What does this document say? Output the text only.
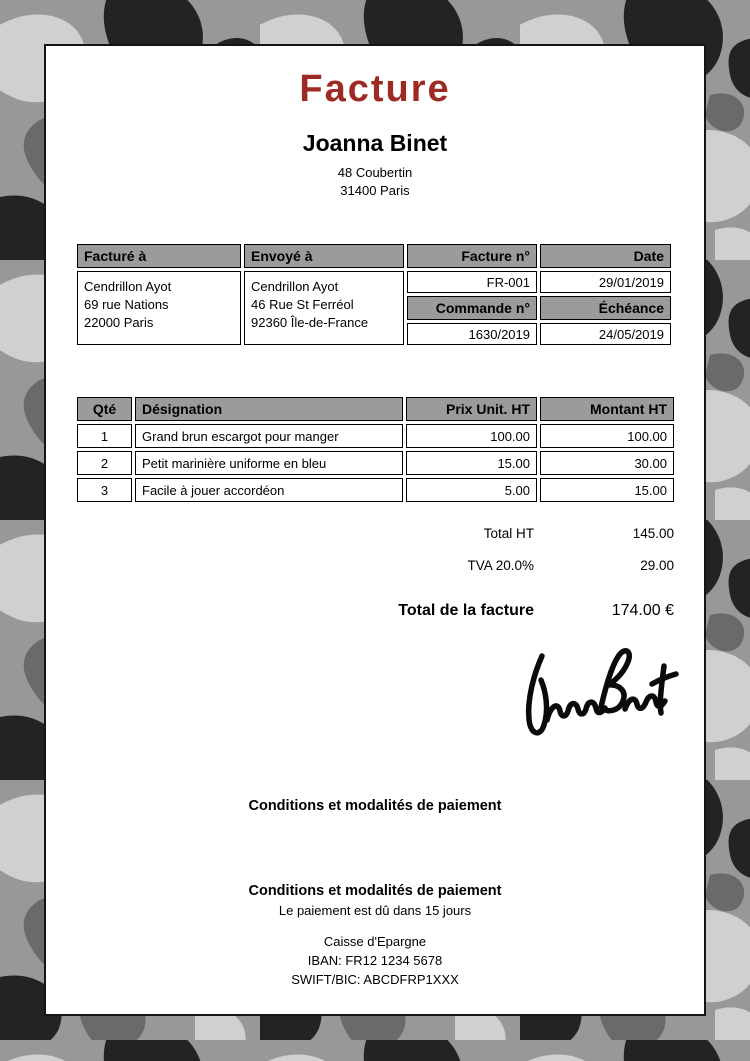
Facture
Joanna Binet
48 Coubertin
31400 Paris
Facturé à	Envoyé à	Facture n°	Date
Cendrillon Ayot
69 rue Nations
22000 Paris
Cendrillon Ayot
46 Rue St Ferréol
92360 Île-de-France
FR-001	29/01/2019
Commande n°	Échéance
1630/2019	24/05/2019
Qté	Désignation	Prix Unit. HT	Montant HT
1	Grand brun escargot pour manger	100.00	100.00
2	Petit marinière uniforme en bleu	15.00	30.00
3	Facile à jouer accordéon	5.00	15.00
Total HT	145.00
TVA 20.0%	29.00
Total de la facture	174.00 €
Conditions et modalités de paiement
Conditions et modalités de paiement
Le paiement est dû dans 15 jours
Caisse d'Epargne
IBAN: FR12 1234 5678
SWIFT/BIC: ABCDFRP1XXX
